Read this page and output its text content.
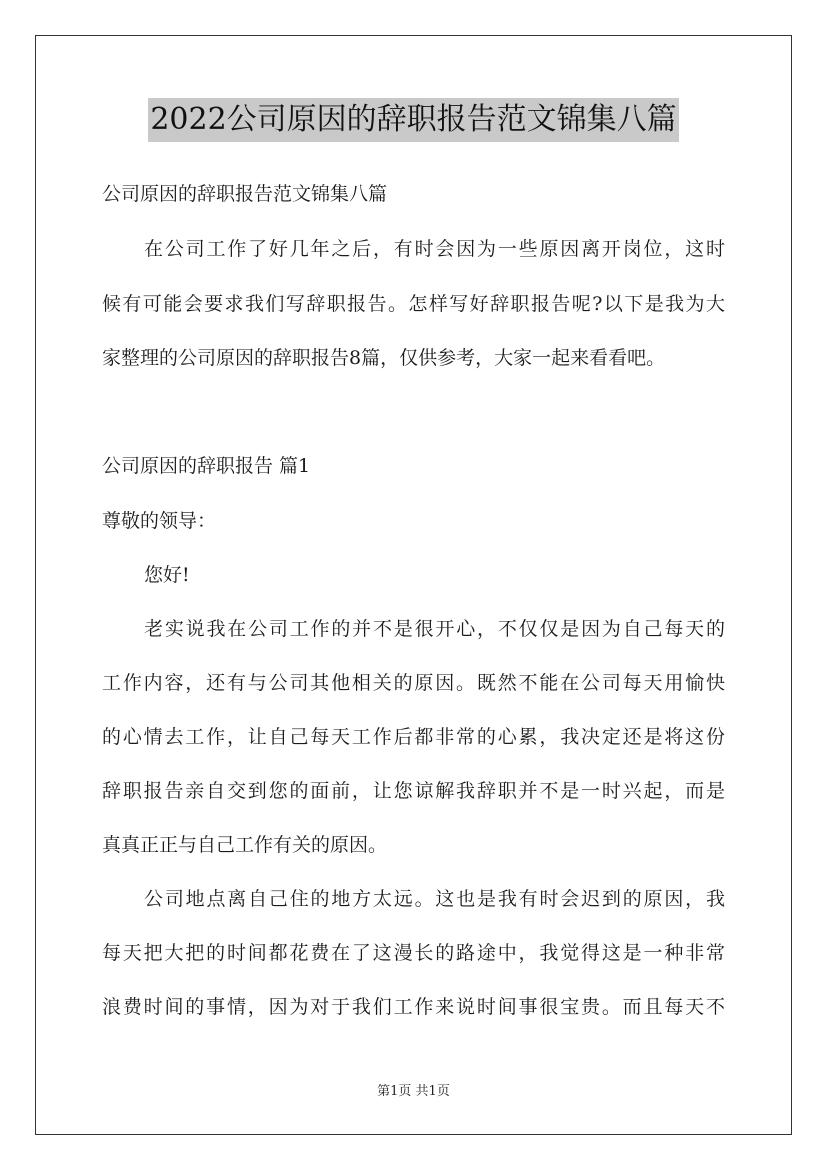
2022公司原因的辞职报告范文锦集八篇
公司原因的辞职报告范文锦集八篇
在公司工作了好几年之后，有时会因为一些原因离开岗位，这时
候有可能会要求我们写辞职报告。怎样写好辞职报告呢?以下是我为大
家整理的公司原因的辞职报告8篇，仅供参考，大家一起来看看吧。
公司原因的辞职报告 篇1
尊敬的领导：
您好!
老实说我在公司工作的并不是很开心，不仅仅是因为自己每天的
工作内容，还有与公司其他相关的原因。既然不能在公司每天用愉快
的心情去工作，让自己每天工作后都非常的心累，我决定还是将这份
辞职报告亲自交到您的面前，让您谅解我辞职并不是一时兴起，而是
真真正正与自己工作有关的原因。
公司地点离自己住的地方太远。这也是我有时会迟到的原因，我
每天把大把的时间都花费在了这漫长的路途中，我觉得这是一种非常
浪费时间的事情，因为对于我们工作来说时间事很宝贵。而且每天不
第1页 共1页
